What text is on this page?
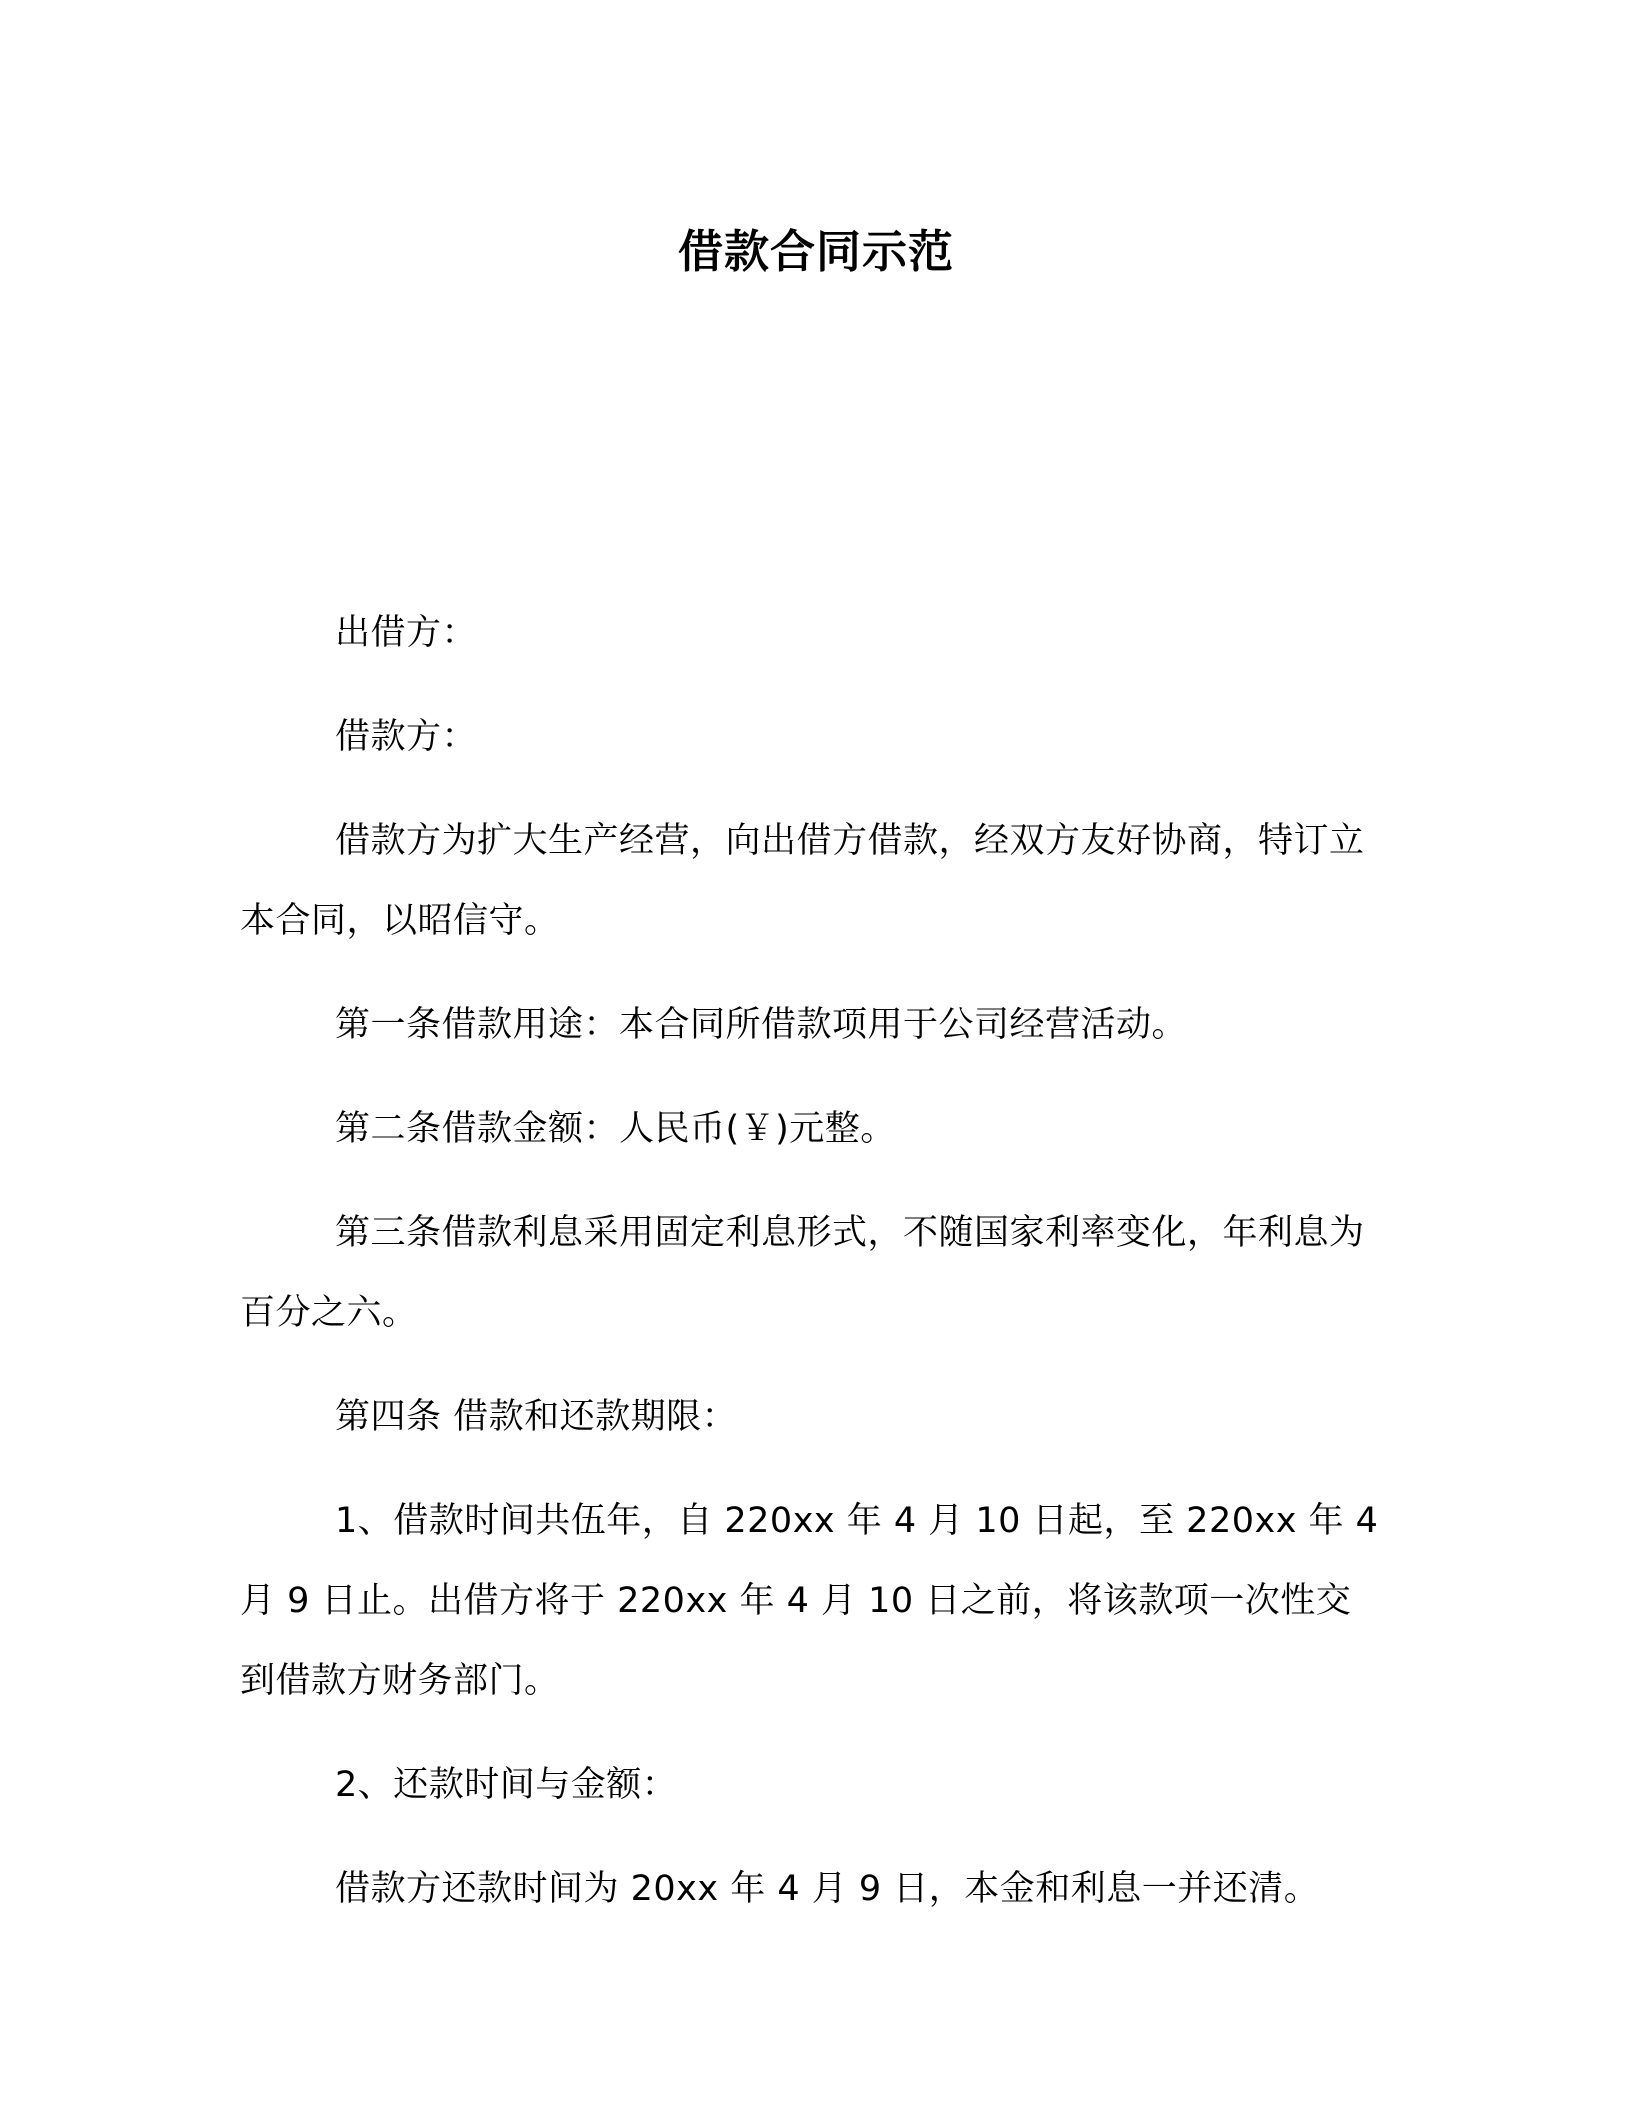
借款合同示范

出借方：

借款方：

借款方为扩大生产经营，向出借方借款，经双方友好协商，特订立本合同，以昭信守。

第一条借款用途：本合同所借款项用于公司经营活动。

第二条借款金额：人民币(￥)元整。

第三条借款利息采用固定利息形式，不随国家利率变化，年利息为百分之六。

第四条 借款和还款期限：

1、借款时间共伍年，自 220xx 年 4 月 10 日起，至 220xx 年 4 月 9 日止。出借方将于 220xx 年 4 月 10 日之前，将该款项一次性交到借款方财务部门。

2、还款时间与金额：

借款方还款时间为 20xx 年 4 月 9 日，本金和利息一并还清。
